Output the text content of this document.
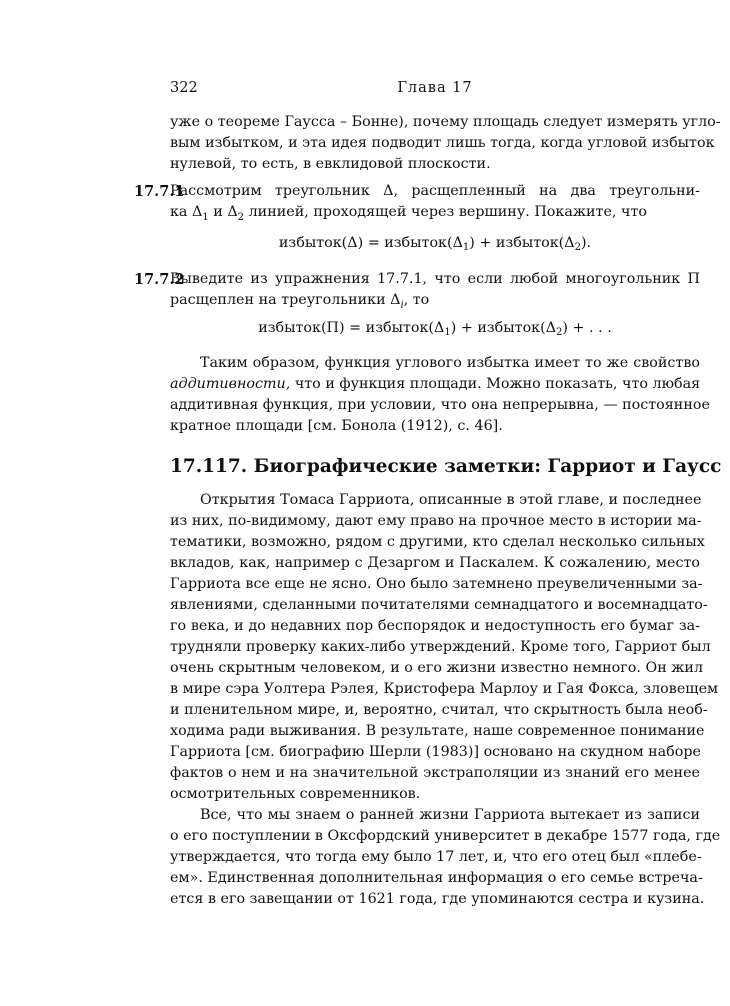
322	Глава 17
уже о теореме Гаусса – Бонне), почему площадь следует измерять угло-
вым избытком, и эта идея подводит лишь тогда, когда угловой избыток
нулевой, то есть, в евклидовой плоскости.
17.7.1
Рассмотрим треугольник Δ, расщепленный на два треугольни-
ка $\Delta_1$ и $\Delta_2$ линией, проходящей через вершину. Покажите, что
избыток(Δ) = $избыток(\Delta_1)$ + $избыток(\Delta_2)$.
17.7.2
Выведите из упражнения 17.7.1, что если любой многоугольник Π
расщеплен на треугольники $\Delta_i$, то
избыток(Π) = $избыток(\Delta_1)$ + $избыток(\Delta_2)$ + . . .
Таким образом, функция углового избытка имеет то же свойство
аддитивности, что и функция площади. Можно показать, что любая
аддитивная функция, при условии, что она непрерывна, — постоянное
кратное площади [см. Бонола (1912), с. 46].
17.117. Биографические заметки: Гарриот и Гаусс
Открытия Томаса Гарриота, описанные в этой главе, и последнее
из них, по-видимому, дают ему право на прочное место в истории ма-
тематики, возможно, рядом с другими, кто сделал несколько сильных
вкладов, как, например с Дезаргом и Паскалем. К сожалению, место
Гарриота все еще не ясно. Оно было затемнено преувеличенными за-
явлениями, сделанными почитателями семнадцатого и восемнадцато-
го века, и до недавних пор беспорядок и недоступность его бумаг за-
трудняли проверку каких-либо утверждений. Кроме того, Гарриот был
очень скрытным человеком, и о его жизни известно немного. Он жил
в мире сэра Уолтера Рэлея, Кристофера Марлоу и Гая Фокса, зловещем
и пленительном мире, и, вероятно, считал, что скрытность была необ-
ходима ради выживания. В результате, наше современное понимание
Гарриота [см. биографию Шерли (1983)] основано на скудном наборе
фактов о нем и на значительной экстраполяции из знаний его менее
осмотрительных современников.
Все, что мы знаем о ранней жизни Гарриота вытекает из записи
о его поступлении в Оксфордский университет в декабре 1577 года, где
утверждается, что тогда ему было 17 лет, и, что его отец был «плебе-
ем». Единственная дополнительная информация о его семье встреча-
ется в его завещании от 1621 года, где упоминаются сестра и кузина.
